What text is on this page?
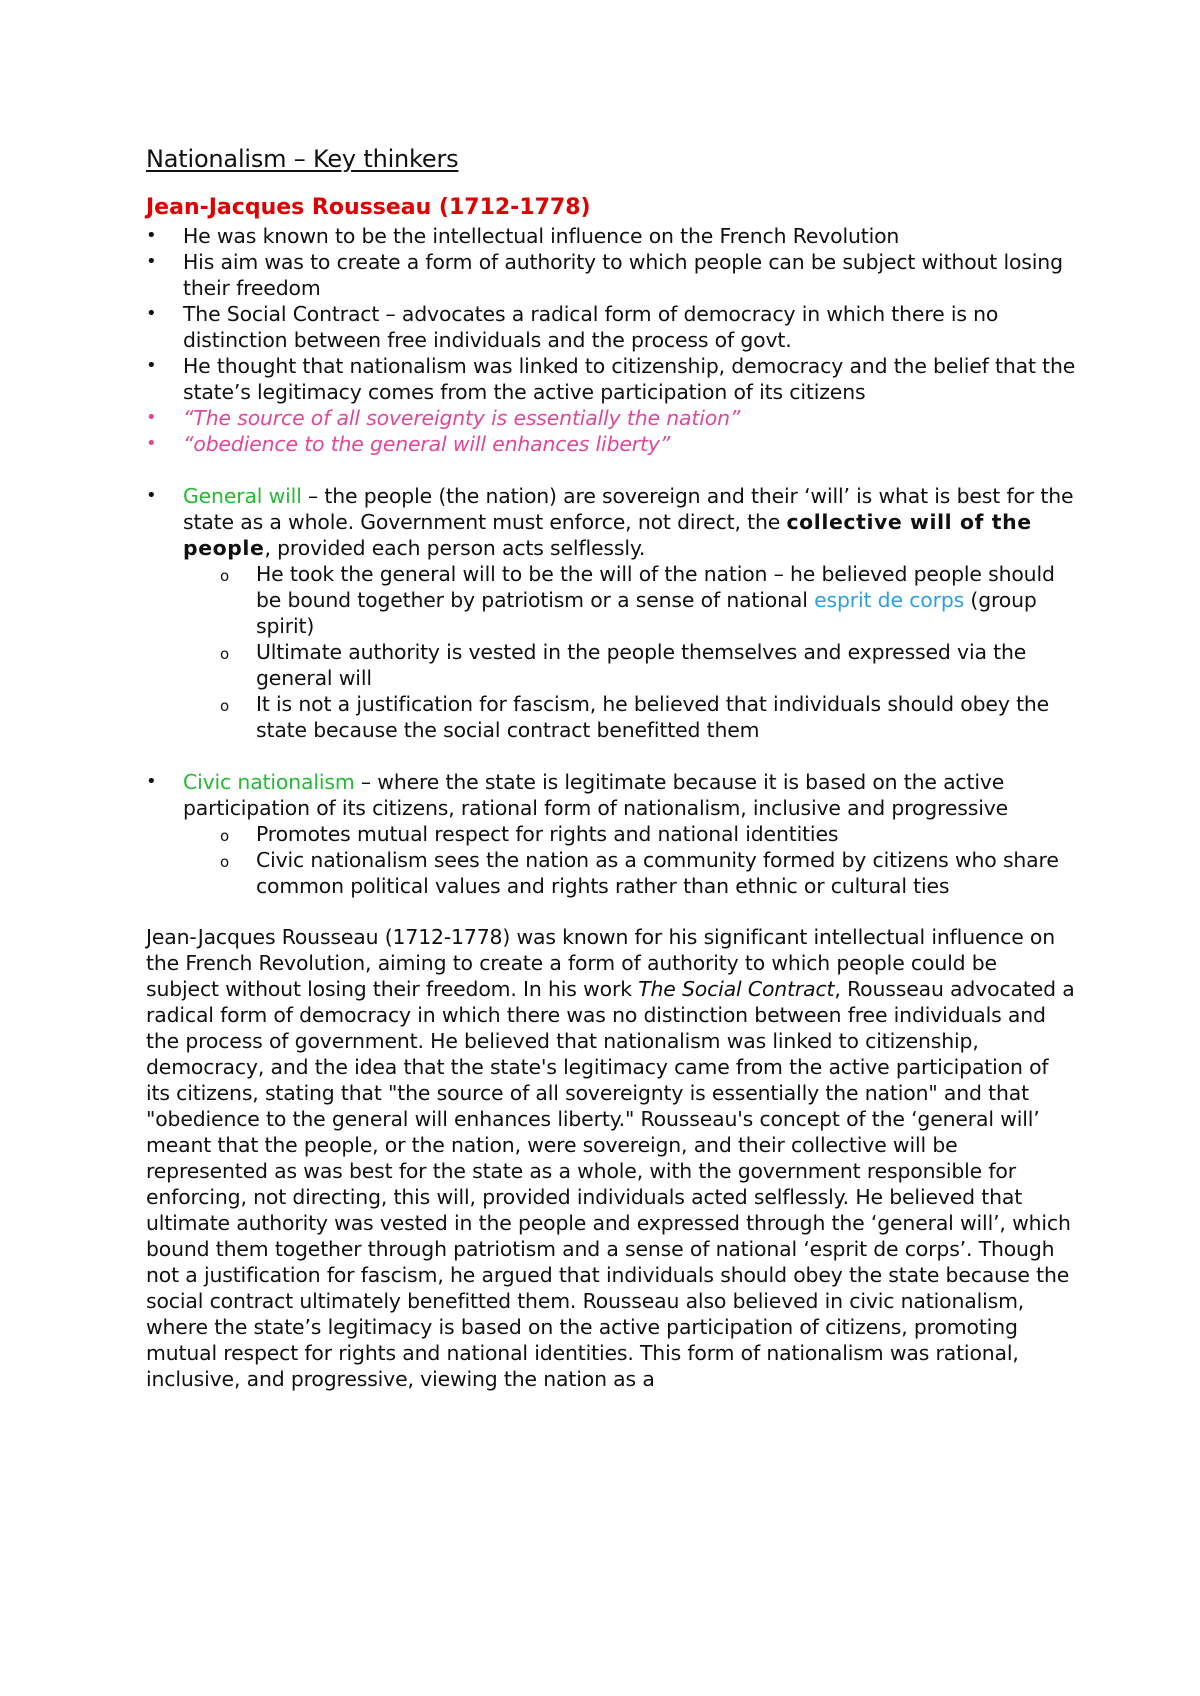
Nationalism – Key thinkers
Jean-Jacques Rousseau (1712-1778)
• He was known to be the intellectual influence on the French Revolution
• His aim was to create a form of authority to which people can be subject without losing their freedom
• The Social Contract – advocates a radical form of democracy in which there is no distinction between free individuals and the process of govt.
• He thought that nationalism was linked to citizenship, democracy and the belief that the state’s legitimacy comes from the active participation of its citizens
• “The source of all sovereignty is essentially the nation”
• “obedience to the general will enhances liberty”
• General will – the people (the nation) are sovereign and their ‘will’ is what is best for the state as a whole. Government must enforce, not direct, the collective will of the people, provided each person acts selflessly.
o He took the general will to be the will of the nation – he believed people should be bound together by patriotism or a sense of national esprit de corps (group spirit)
o Ultimate authority is vested in the people themselves and expressed via the general will
o It is not a justification for fascism, he believed that individuals should obey the state because the social contract benefitted them
• Civic nationalism – where the state is legitimate because it is based on the active participation of its citizens, rational form of nationalism, inclusive and progressive
o Promotes mutual respect for rights and national identities
o Civic nationalism sees the nation as a community formed by citizens who share common political values and rights rather than ethnic or cultural ties

Jean-Jacques Rousseau (1712-1778) was known for his significant intellectual influence on the French Revolution, aiming to create a form of authority to which people could be subject without losing their freedom. In his work The Social Contract, Rousseau advocated a radical form of democracy in which there was no distinction between free individuals and the process of government. He believed that nationalism was linked to citizenship, democracy, and the idea that the state's legitimacy came from the active participation of its citizens, stating that "the source of all sovereignty is essentially the nation" and that "obedience to the general will enhances liberty." Rousseau's concept of the ‘general will’ meant that the people, or the nation, were sovereign, and their collective will be represented as was best for the state as a whole, with the government responsible for enforcing, not directing, this will, provided individuals acted selflessly. He believed that ultimate authority was vested in the people and expressed through the ‘general will’, which bound them together through patriotism and a sense of national ‘esprit de corps’. Though not a justification for fascism, he argued that individuals should obey the state because the social contract ultimately benefitted them. Rousseau also believed in civic nationalism, where the state’s legitimacy is based on the active participation of citizens, promoting mutual respect for rights and national identities. This form of nationalism was rational, inclusive, and progressive, viewing the nation as a
